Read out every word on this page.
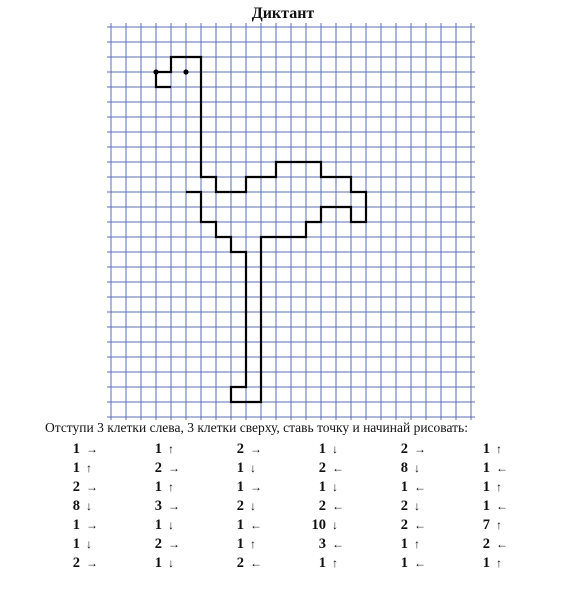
Диктант
Отступи 3 клетки слева, 3 клетки сверху, ставь точку и начинай рисовать:
1 →	1 ↑	2 →	1 ↓	2 →	1 ↑
1 ↑	2 →	1 ↓	2 ←	8 ↓	1 ←
2 →	1 ↑	1 →	1 ↓	1 ←	1 ↑
8 ↓	3 →	2 ↓	2 ←	2 ↓	1 ←
1 →	1 ↓	1 ←	10 ↓	2 ←	7 ↑
1 ↓	2 →	1 ↑	3 ←	1 ↑	2 ←
2 →	1 ↓	2 ←	1 ↑	1 ←	1 ↑
